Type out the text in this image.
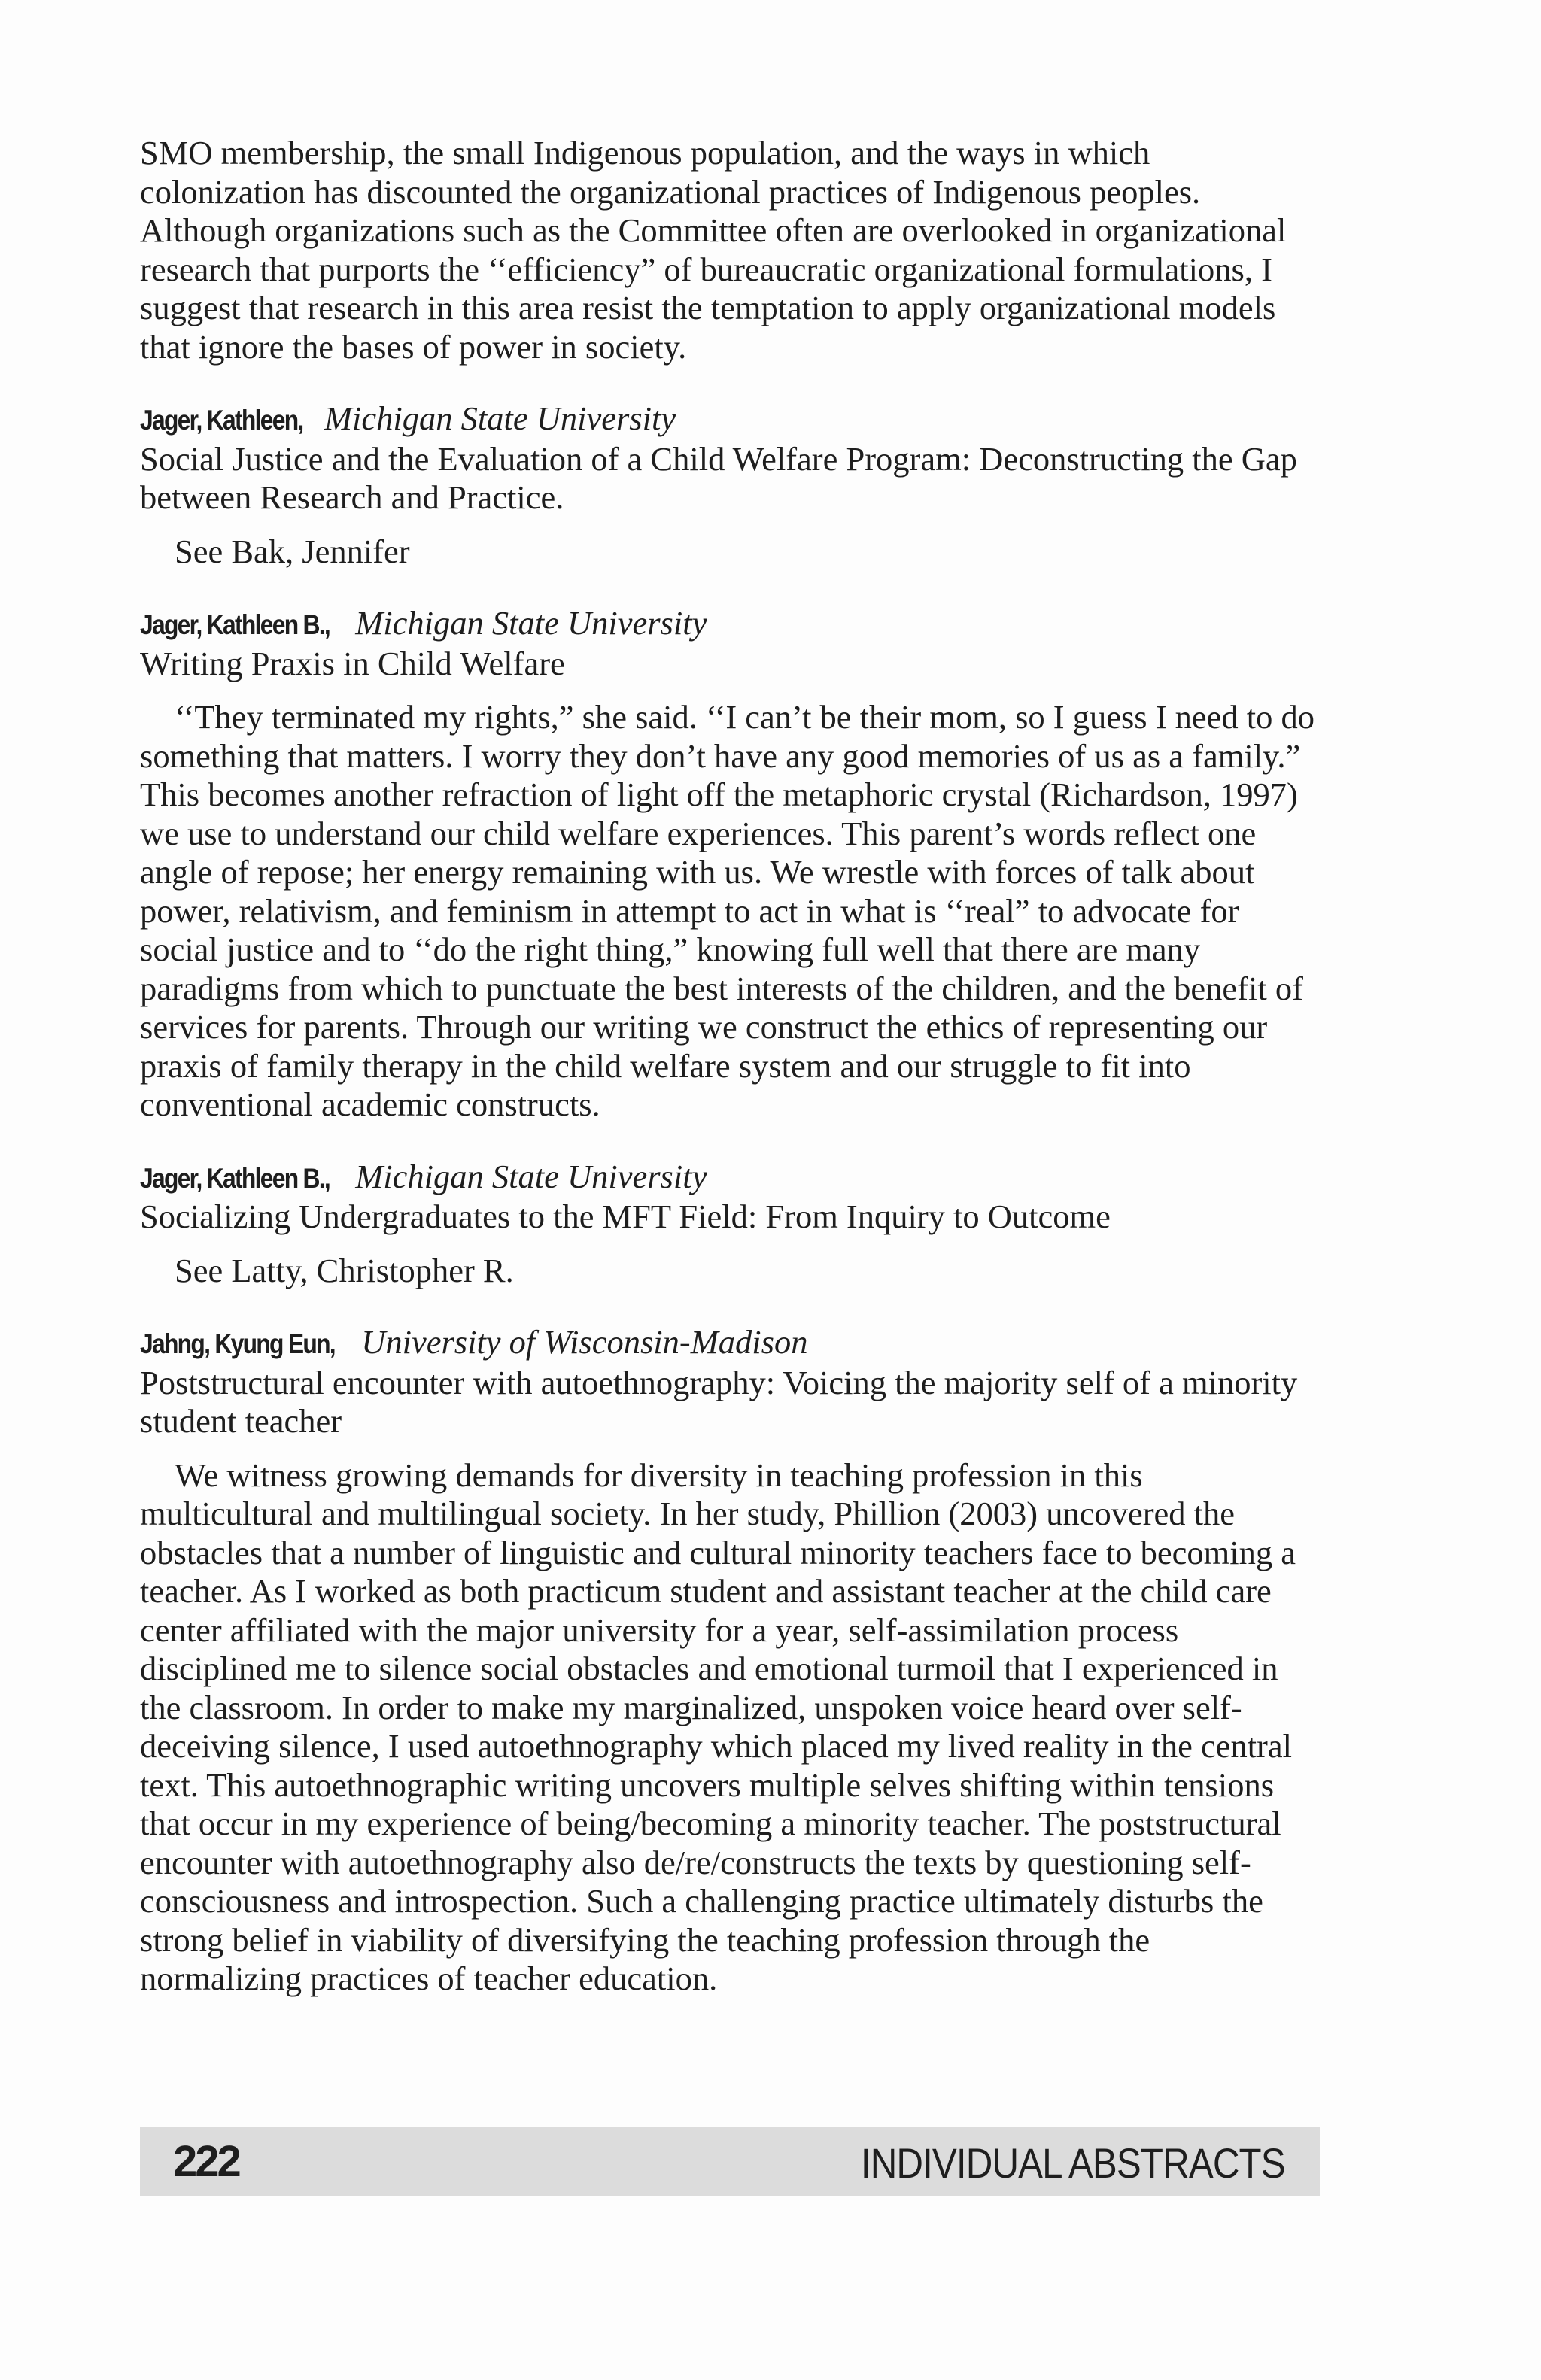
SMO membership, the small Indigenous population, and the ways in which colonization has discounted the organizational practices of Indigenous peoples. Although organizations such as the Committee often are overlooked in organizational research that purports the ‘‘efficiency” of bureaucratic organizational formulations, I suggest that research in this area resist the temptation to apply organizational models that ignore the bases of power in society.

Jager, Kathleen, Michigan State University

Social Justice and the Evaluation of a Child Welfare Program: Deconstructing the Gap between Research and Practice.

See Bak, Jennifer

Jager, Kathleen B., Michigan State University

Writing Praxis in Child Welfare

‘‘They terminated my rights,” she said. ‘‘I can’t be their mom, so I guess I need to do something that matters. I worry they don’t have any good memories of us as a family.” This becomes another refraction of light off the metaphoric crystal (Richardson, 1997) we use to understand our child welfare experiences. This parent’s words reflect one angle of repose; her energy remaining with us. We wrestle with forces of talk about power, relativism, and feminism in attempt to act in what is ‘‘real” to advocate for social justice and to ‘‘do the right thing,” knowing full well that there are many paradigms from which to punctuate the best interests of the children, and the benefit of services for parents. Through our writing we construct the ethics of representing our praxis of family therapy in the child welfare system and our struggle to fit into conventional academic constructs.

Jager, Kathleen B., Michigan State University

Socializing Undergraduates to the MFT Field: From Inquiry to Outcome

See Latty, Christopher R.

Jahng, Kyung Eun, University of Wisconsin-Madison

Poststructural encounter with autoethnography: Voicing the majority self of a minority student teacher

We witness growing demands for diversity in teaching profession in this multicultural and multilingual society. In her study, Phillion (2003) uncovered the obstacles that a number of linguistic and cultural minority teachers face to becoming a teacher. As I worked as both practicum student and assistant teacher at the child care center affiliated with the major university for a year, self-assimilation process disciplined me to silence social obstacles and emotional turmoil that I experienced in the classroom. In order to make my marginalized, unspoken voice heard over self-deceiving silence, I used autoethnography which placed my lived reality in the central text. This autoethnographic writing uncovers multiple selves shifting within tensions that occur in my experience of being/becoming a minority teacher. The poststructural encounter with autoethnography also de/re/constructs the texts by questioning self-consciousness and introspection. Such a challenging practice ultimately disturbs the strong belief in viability of diversifying the teaching profession through the normalizing practices of teacher education.

222	INDIVIDUAL ABSTRACTS
